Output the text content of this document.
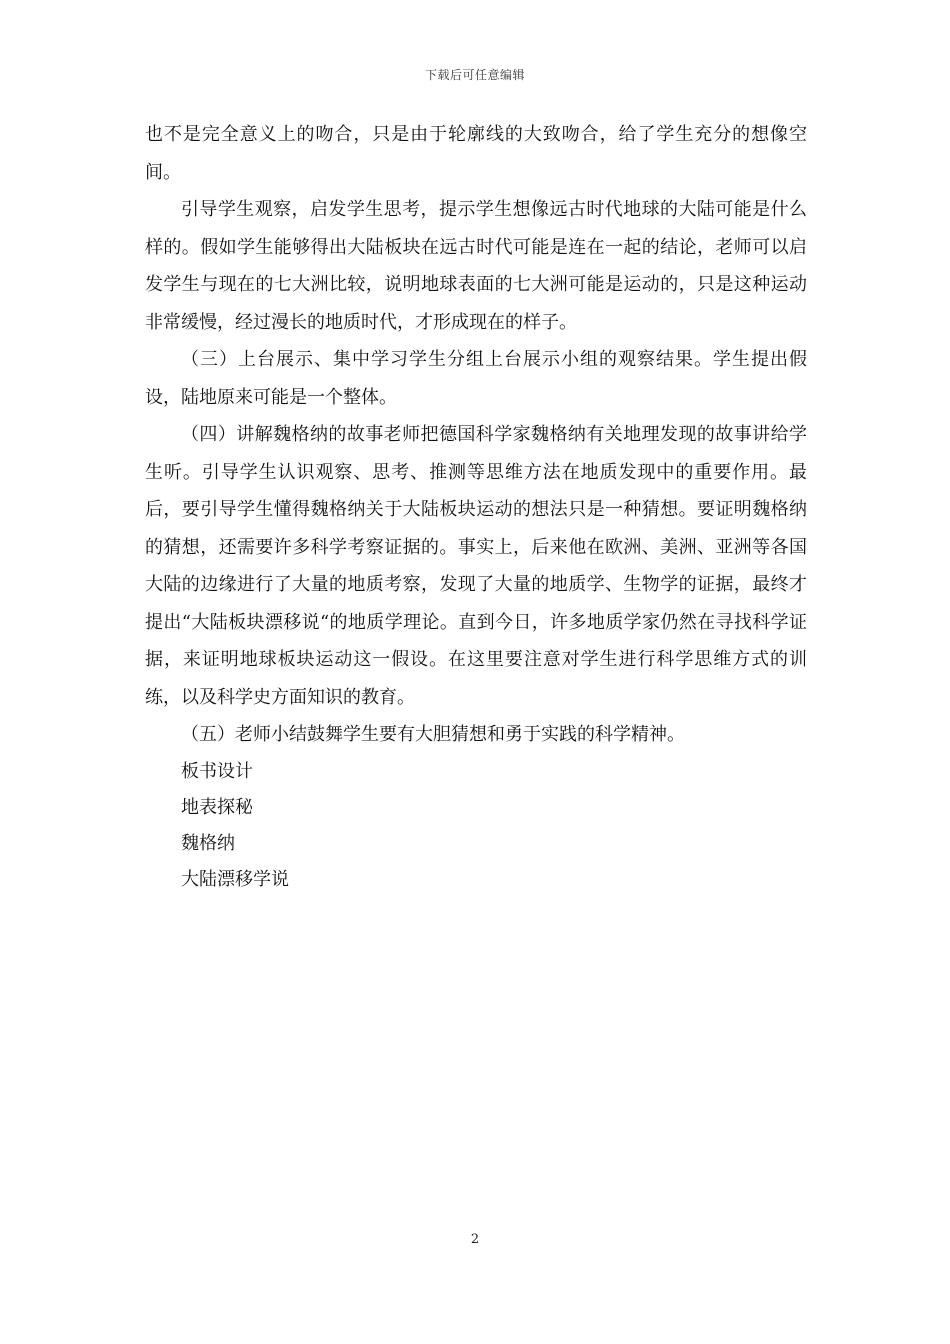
下载后可任意编辑

也不是完全意义上的吻合，只是由于轮廓线的大致吻合，给了学生充分的想像空间。

引导学生观察，启发学生思考，提示学生想像远古时代地球的大陆可能是什么样的。假如学生能够得出大陆板块在远古时代可能是连在一起的结论，老师可以启发学生与现在的七大洲比较，说明地球表面的七大洲可能是运动的，只是这种运动非常缓慢，经过漫长的地质时代，才形成现在的样子。

（三）上台展示、集中学习学生分组上台展示小组的观察结果。学生提出假设，陆地原来可能是一个整体。

（四）讲解魏格纳的故事老师把德国科学家魏格纳有关地理发现的故事讲给学生听。引导学生认识观察、思考、推测等思维方法在地质发现中的重要作用。最后，要引导学生懂得魏格纳关于大陆板块运动的想法只是一种猜想。要证明魏格纳的猜想，还需要许多科学考察证据的。事实上，后来他在欧洲、美洲、亚洲等各国大陆的边缘进行了大量的地质考察，发现了大量的地质学、生物学的证据，最终才提出“大陆板块漂移说“的地质学理论。直到今日，许多地质学家仍然在寻找科学证据，来证明地球板块运动这一假设。在这里要注意对学生进行科学思维方式的训练，以及科学史方面知识的教育。

（五）老师小结鼓舞学生要有大胆猜想和勇于实践的科学精神。

板书设计

地表探秘

魏格纳

大陆漂移学说

2
